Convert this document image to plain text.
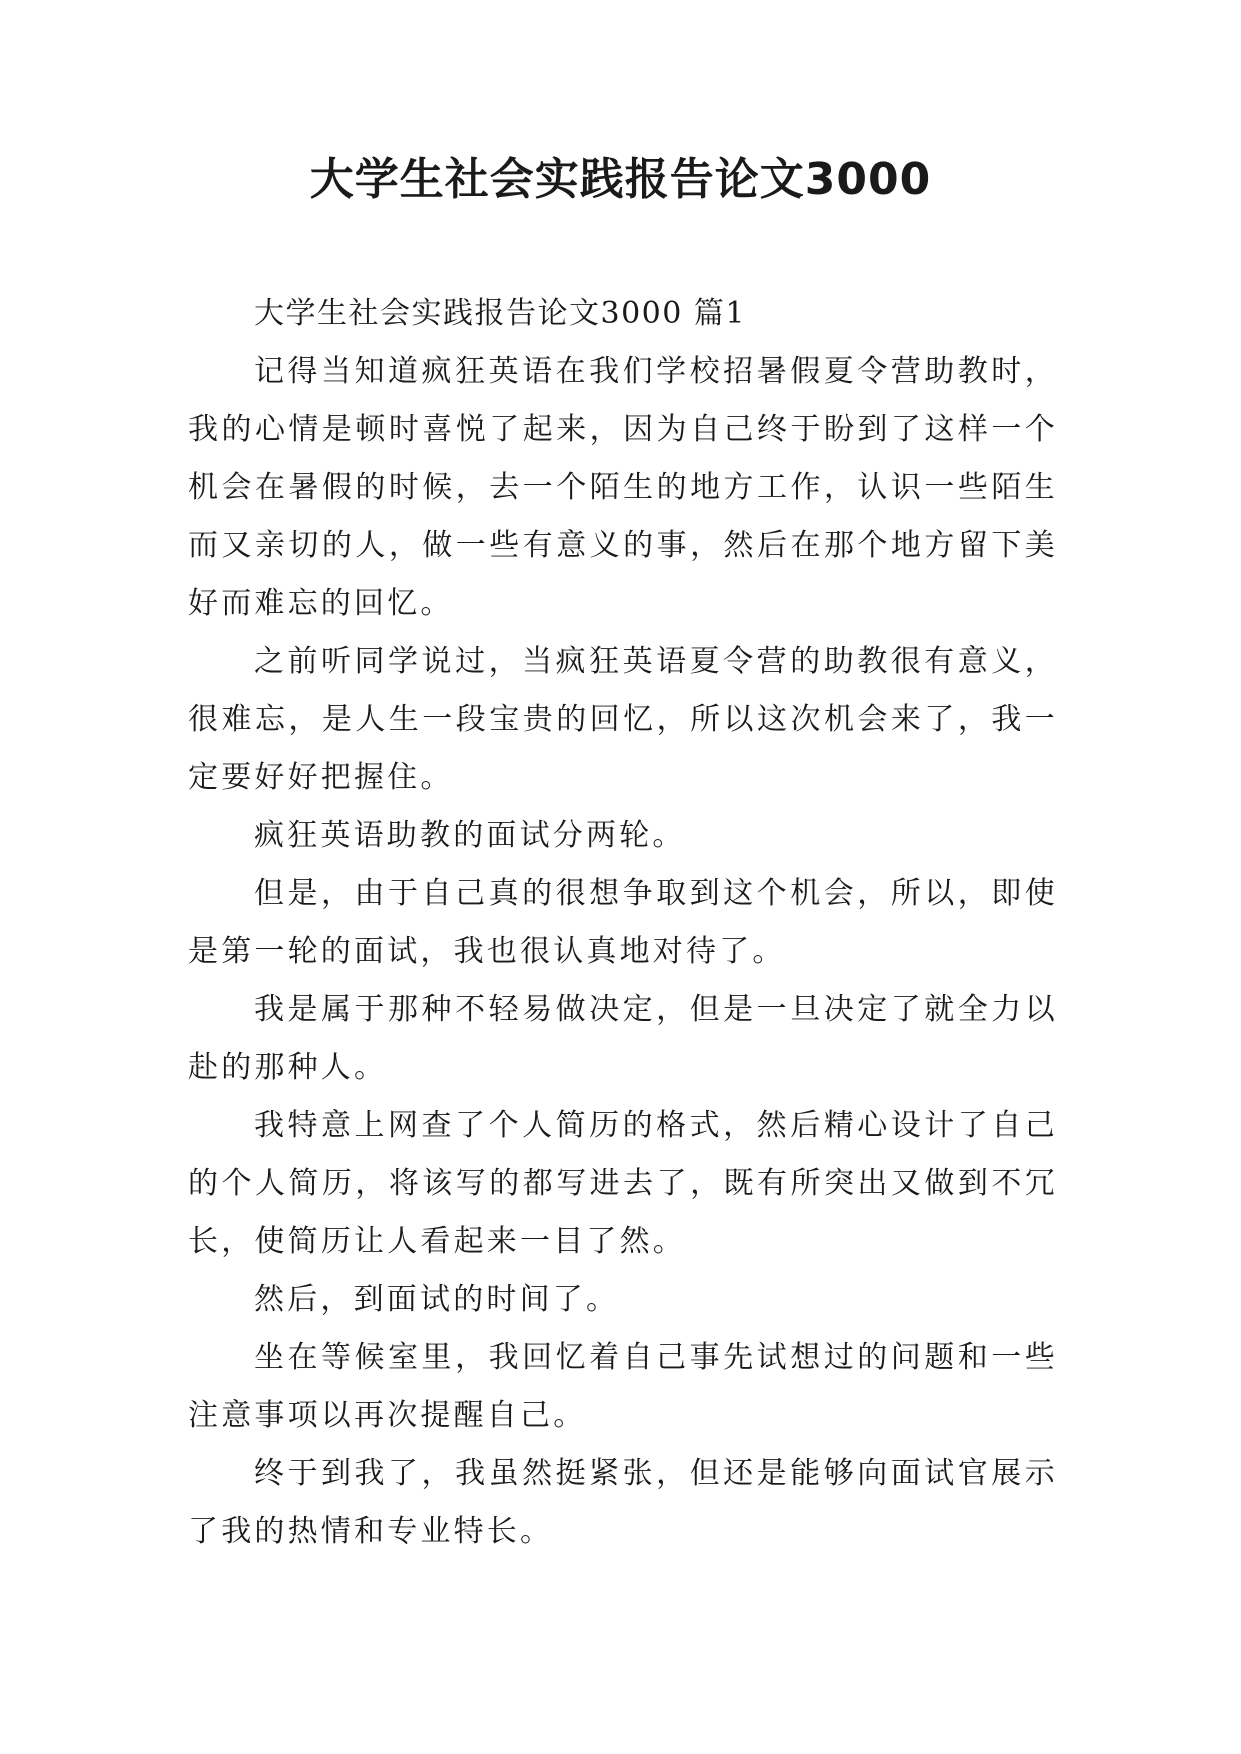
大学生社会实践报告论文3000

大学生社会实践报告论文3000 篇1

记得当知道疯狂英语在我们学校招暑假夏令营助教时，我的心情是顿时喜悦了起来，因为自己终于盼到了这样一个机会在暑假的时候，去一个陌生的地方工作，认识一些陌生而又亲切的人，做一些有意义的事，然后在那个地方留下美好而难忘的回忆。

之前听同学说过，当疯狂英语夏令营的助教很有意义，很难忘，是人生一段宝贵的回忆，所以这次机会来了，我一定要好好把握住。

疯狂英语助教的面试分两轮。

但是，由于自己真的很想争取到这个机会，所以，即使是第一轮的面试，我也很认真地对待了。

我是属于那种不轻易做决定，但是一旦决定了就全力以赴的那种人。

我特意上网查了个人简历的格式，然后精心设计了自己的个人简历，将该写的都写进去了，既有所突出又做到不冗长，使简历让人看起来一目了然。

然后，到面试的时间了。

坐在等候室里，我回忆着自己事先试想过的问题和一些注意事项以再次提醒自己。

终于到我了，我虽然挺紧张，但还是能够向面试官展示了我的热情和专业特长。
